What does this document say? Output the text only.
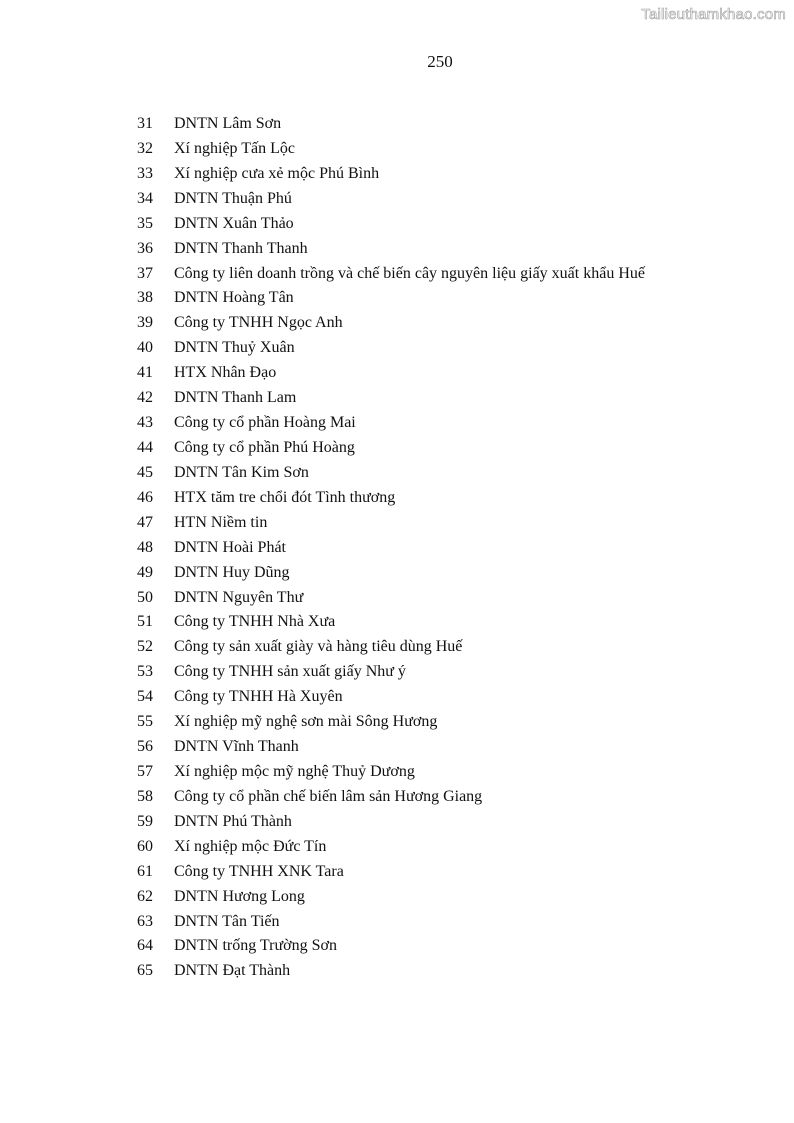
Tailieuthamkhao.com
250
31 DNTN Lâm Sơn
32 Xí nghiệp Tấn Lộc
33 Xí nghiệp cưa xẻ mộc Phú Bình
34 DNTN Thuận Phú
35 DNTN Xuân Thảo
36 DNTN Thanh Thanh
37 Công ty liên doanh trồng và chế biến cây nguyên liệu giấy xuất khẩu Huế
38 DNTN Hoàng Tân
39 Công ty TNHH Ngọc Anh
40 DNTN Thuỷ Xuân
41 HTX Nhân Đạo
42 DNTN Thanh Lam
43 Công ty cổ phần Hoàng Mai
44 Công ty cổ phần Phú Hoàng
45 DNTN Tân Kim Sơn
46 HTX tăm tre chổi đót Tình thương
47 HTN Niềm tin
48 DNTN Hoài Phát
49 DNTN Huy Dũng
50 DNTN Nguyên Thư
51 Công ty TNHH Nhà Xưa
52 Công ty sản xuất giày và hàng tiêu dùng Huế
53 Công ty TNHH sản xuất giấy Như ý
54 Công ty TNHH Hà Xuyên
55 Xí nghiệp mỹ nghệ sơn mài Sông Hương
56 DNTN Vĩnh Thanh
57 Xí nghiệp mộc mỹ nghệ Thuỷ Dương
58 Công ty cổ phần chế biến lâm sản Hương Giang
59 DNTN Phú Thành
60 Xí nghiệp mộc Đức Tín
61 Công ty TNHH XNK Tara
62 DNTN Hương Long
63 DNTN Tân Tiến
64 DNTN trống Trường Sơn
65 DNTN Đạt Thành
